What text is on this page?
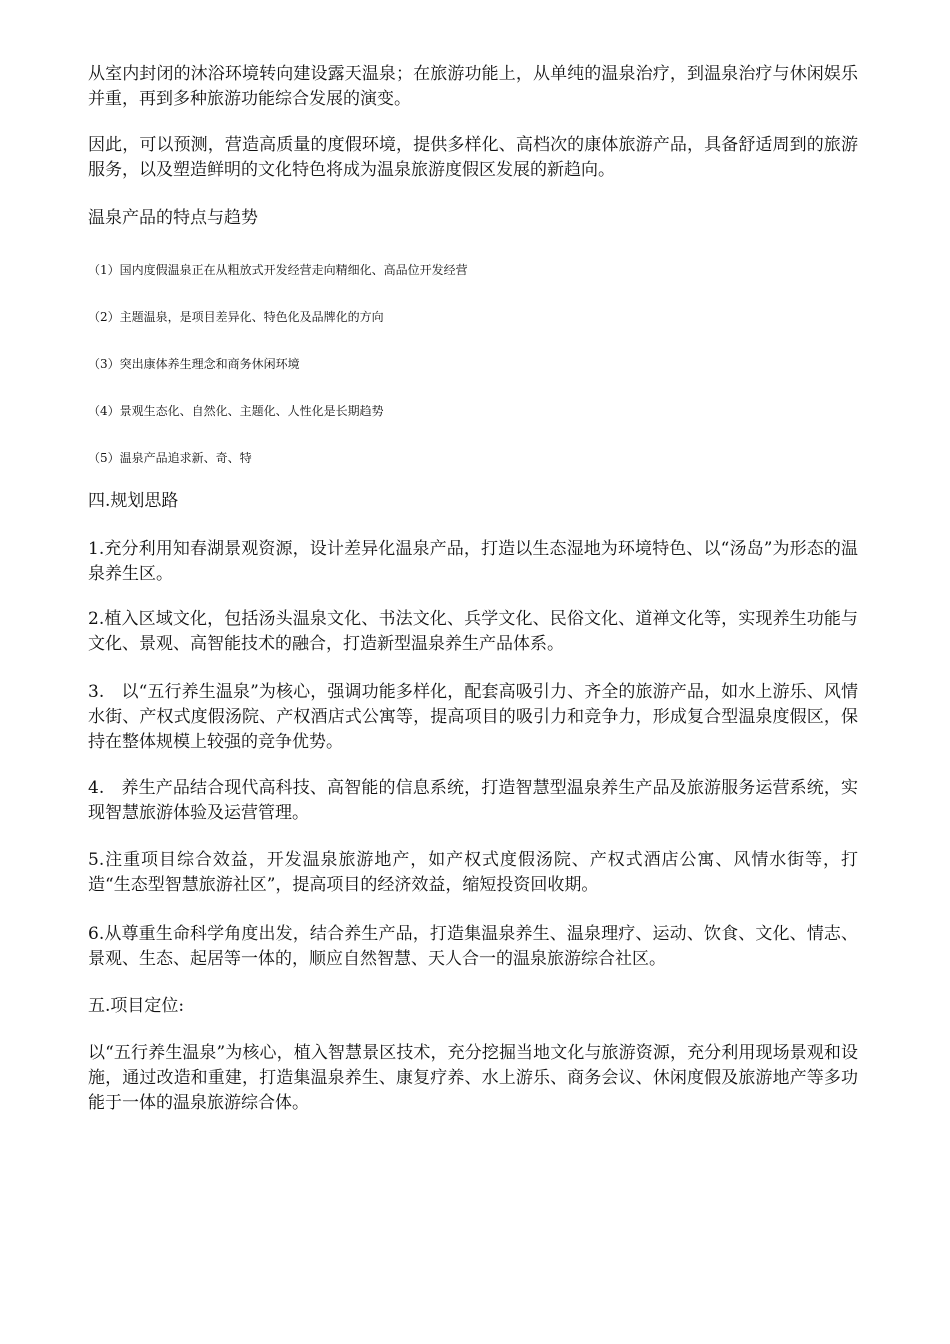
从室内封闭的沐浴环境转向建设露天温泉；在旅游功能上，从单纯的温泉治疗，到温泉治疗与休闲娱乐并重，再到多种旅游功能综合发展的演变。

因此，可以预测，营造高质量的度假环境，提供多样化、高档次的康体旅游产品，具备舒适周到的旅游服务，以及塑造鲜明的文化特色将成为温泉旅游度假区发展的新趋向。

温泉产品的特点与趋势

（1）国内度假温泉正在从粗放式开发经营走向精细化、高品位开发经营

（2）主题温泉，是项目差异化、特色化及品牌化的方向

（3）突出康体养生理念和商务休闲环境

（4）景观生态化、自然化、主题化、人性化是长期趋势

（5）温泉产品追求新、奇、特

四.规划思路

1.充分利用知春湖景观资源，设计差异化温泉产品，打造以生态湿地为环境特色、以“汤岛”为形态的温泉养生区。

2.植入区域文化，包括汤头温泉文化、书法文化、兵学文化、民俗文化、道禅文化等，实现养生功能与文化、景观、高智能技术的融合，打造新型温泉养生产品体系。

3.　以“五行养生温泉”为核心，强调功能多样化，配套高吸引力、齐全的旅游产品，如水上游乐、风情水街、产权式度假汤院、产权酒店式公寓等，提高项目的吸引力和竞争力，形成复合型温泉度假区，保持在整体规模上较强的竞争优势。

4.　养生产品结合现代高科技、高智能的信息系统，打造智慧型温泉养生产品及旅游服务运营系统，实现智慧旅游体验及运营管理。

5.注重项目综合效益，开发温泉旅游地产，如产权式度假汤院、产权式酒店公寓、风情水街等，打造“生态型智慧旅游社区”，提高项目的经济效益，缩短投资回收期。

6.从尊重生命科学角度出发，结合养生产品，打造集温泉养生、温泉理疗、运动、饮食、文化、情志、景观、生态、起居等一体的，顺应自然智慧、天人合一的温泉旅游综合社区。

五.项目定位:

以“五行养生温泉”为核心，植入智慧景区技术，充分挖掘当地文化与旅游资源，充分利用现场景观和设施，通过改造和重建，打造集温泉养生、康复疗养、水上游乐、商务会议、休闲度假及旅游地产等多功能于一体的温泉旅游综合体。
